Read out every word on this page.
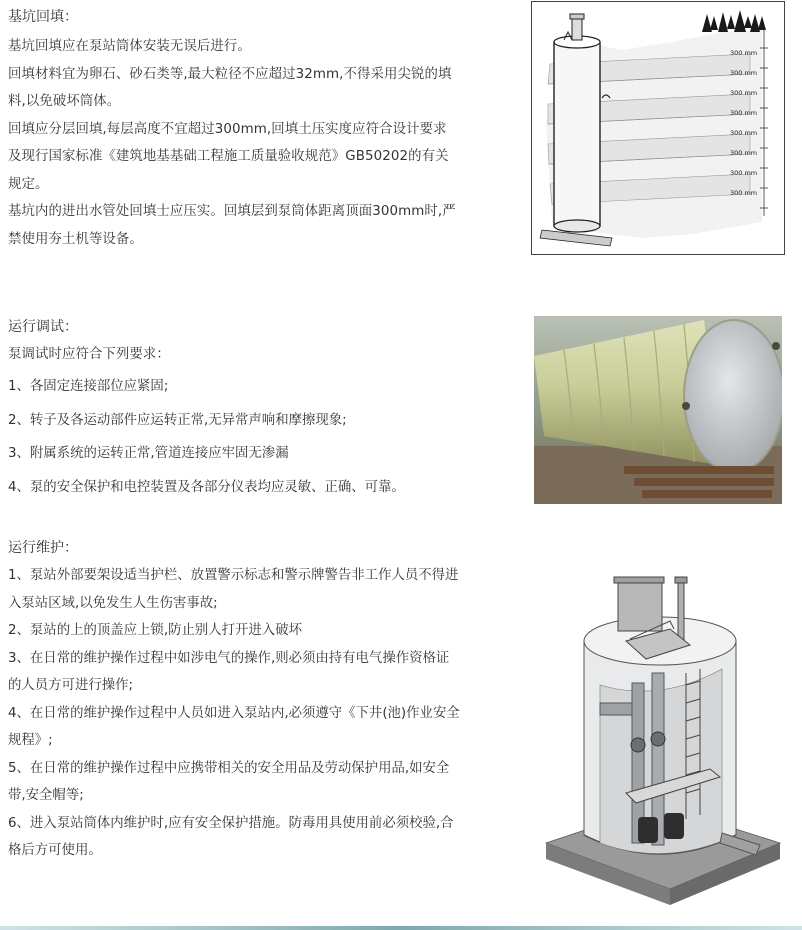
基坑回填：

基坑回填应在泵站筒体安装无误后进行。

回填材料宜为卵石、砂石类等,最大粒径不应超过32mm,不得采用尖锐的填料,以免破坏筒体。

回填应分层回填,每层高度不宜超过300mm,回填土压实度应符合设计要求及现行国家标准《建筑地基基础工程施工质量验收规范》GB50202的有关规定。

基坑内的进出水管处回填士应压实。回填层到泵筒体距离顶面300mm时,严禁使用夯土机等设备。

300 mm
300 mm
300 mm
300 mm
300 mm
300 mm
300 mm
300 mm

运行调试：

泵调试时应符合下列要求：

1、各固定连接部位应紧固;

2、转子及各运动部件应运转正常,无异常声响和摩擦现象;

3、附属系统的运转正常,管道连接应牢固无渗漏

4、泵的安全保护和电控装置及各部分仪表均应灵敏、正确、可靠。

运行维护：

1、泵站外部要架设适当护栏、放置警示标志和警示牌警告非工作人员不得进入泵站区域,以免发生人生伤害事故;

2、泵站的上的顶盖应上锁,防止别人打开进入破坏

3、在日常的维护操作过程中如涉电气的操作,则必须由持有电气操作资格证的人员方可进行操作;

4、在日常的维护操作过程中人员如进入泵站内,必须遵守《下井(池)作业安全规程》;

5、在日常的维护操作过程中应携带相关的安全用品及劳动保护用品,如安全带,安全帽等;

6、进入泵站筒体内维护时,应有安全保护措施。防毒用具使用前必须校验,合格后方可使用。
